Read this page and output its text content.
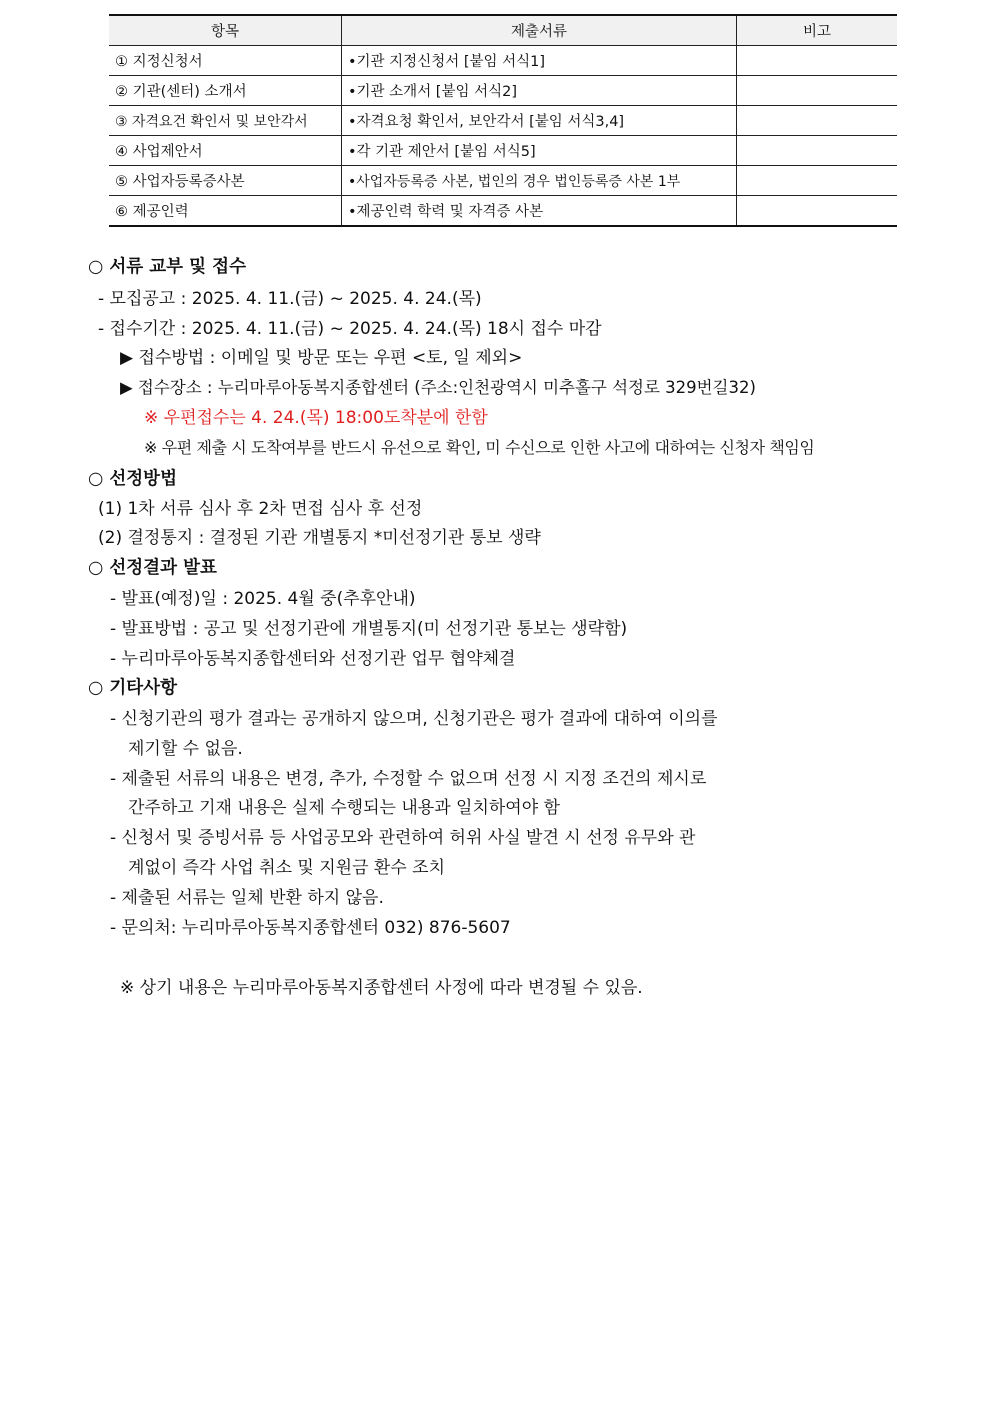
항목	제출서류	비고
① 지정신청서	•기관 지정신청서 [붙임 서식1]	
② 기관(센터) 소개서	•기관 소개서 [붙임 서식2]	
③ 자격요건 확인서 및 보안각서	•자격요청 확인서, 보안각서 [붙임 서식3,4]	
④ 사업제안서	•각 기관 제안서 [붙임 서식5]	
⑤ 사업자등록증사본	•사업자등록증 사본, 법인의 경우 법인등록증 사본 1부	
⑥ 제공인력	•제공인력 학력 및 자격증 사본	
○ 서류 교부 및 접수
- 모집공고 : 2025. 4. 11.(금) ~ 2025. 4. 24.(목)
- 접수기간 : 2025. 4. 11.(금) ~ 2025. 4. 24.(목) 18시 접수 마감
▶ 접수방법 : 이메일 및 방문 또는 우편 <토, 일 제외>
▶ 접수장소 : 누리마루아동복지종합센터 (주소:인천광역시 미추홀구 석정로 329번길32)
※ 우편접수는 4. 24.(목) 18:00도착분에 한함
※ 우편 제출 시 도착여부를 반드시 유선으로 확인, 미 수신으로 인한 사고에 대하여는 신청자 책임임
○ 선정방법
(1) 1차 서류 심사 후 2차 면접 심사 후 선정
(2) 결정통지 : 결정된 기관 개별통지 *미선정기관 통보 생략
○ 선정결과 발표
- 발표(예정)일 : 2025. 4월 중(추후안내)
- 발표방법 : 공고 및 선정기관에 개별통지(미 선정기관 통보는 생략함)
- 누리마루아동복지종합센터와 선정기관 업무 협약체결
○ 기타사항
- 신청기관의 평가 결과는 공개하지 않으며, 신청기관은 평가 결과에 대하여 이의를
제기할 수 없음.
- 제출된 서류의 내용은 변경, 추가, 수정할 수 없으며 선정 시 지정 조건의 제시로
간주하고 기재 내용은 실제 수행되는 내용과 일치하여야 함
- 신청서 및 증빙서류 등 사업공모와 관련하여 허위 사실 발견 시 선정 유무와 관
계없이 즉각 사업 취소 및 지원금 환수 조치
- 제출된 서류는 일체 반환 하지 않음.
- 문의처: 누리마루아동복지종합센터 032) 876-5607
※ 상기 내용은 누리마루아동복지종합센터 사정에 따라 변경될 수 있음.
